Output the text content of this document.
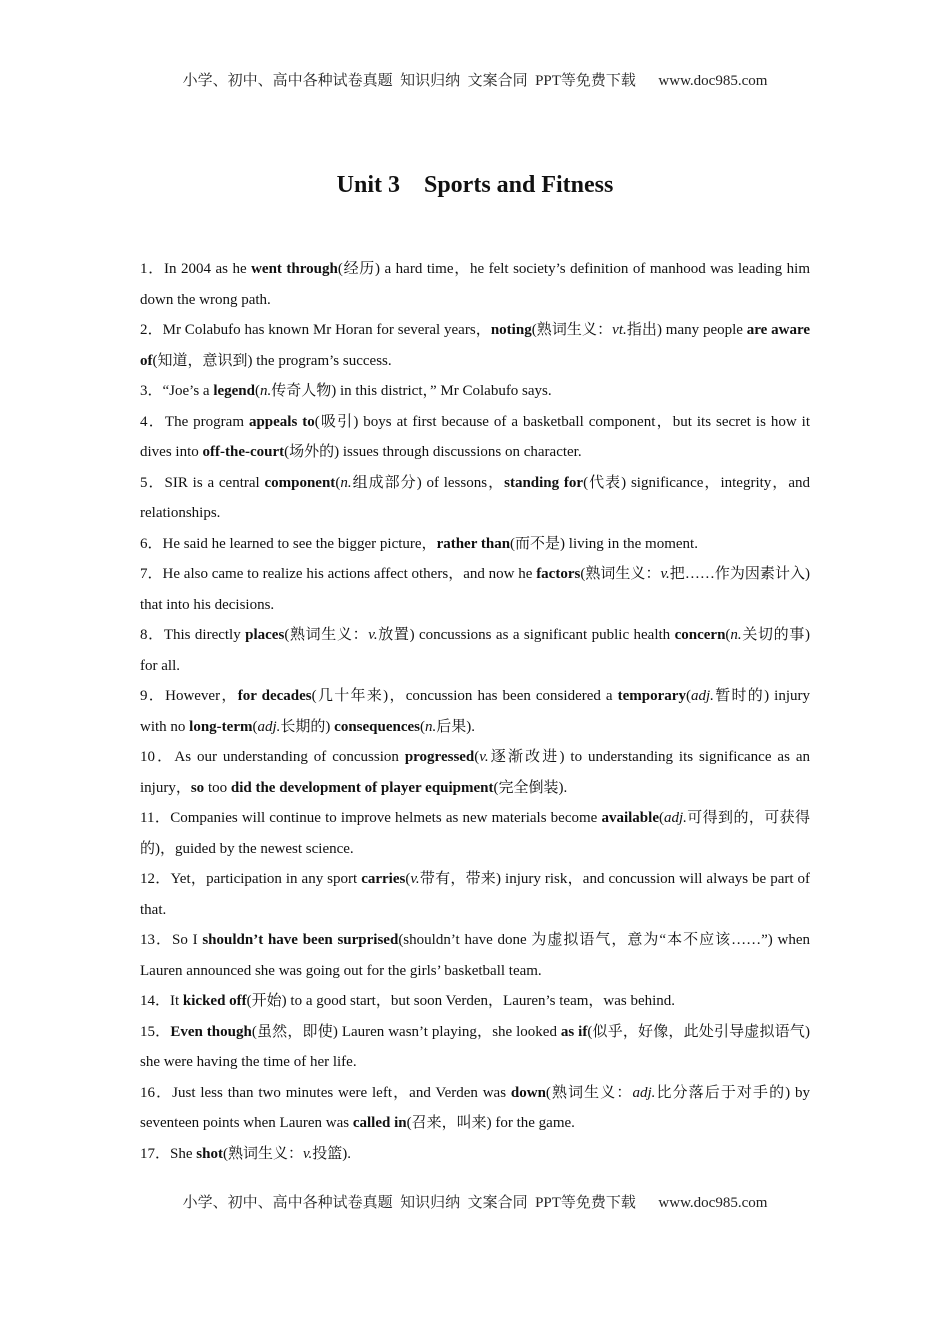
小学、初中、高中各种试卷真题  知识归纳  文案合同  PPT等免费下载      www.doc985.com
Unit 3    Sports and Fitness

1．In 2004 as he went through(经历) a hard time，he felt society’s definition of manhood was leading him down the wrong path.

2．Mr Colabufo has known Mr Horan for several years，noting(熟词生义：vt.指出) many people are aware of(知道，意识到) the program’s success.

3．“Joe’s a legend(n.传奇人物) in this district，” Mr Colabufo says.

4．The program appeals to(吸引) boys at first because of a basketball component，but its secret is how it dives into off-the-court(场外的) issues through discussions on character.

5．SIR is a central component(n.组成部分) of lessons，standing for(代表) significance，integrity，and relationships.

6．He said he learned to see the bigger picture，rather than(而不是) living in the moment.

7．He also came to realize his actions affect others，and now he factors(熟词生义：v.把……作为因素计入) that into his decisions.

8．This directly places(熟词生义：v.放置) concussions as a significant public health concern(n.关切的事) for all.

9．However，for decades(几十年来)，concussion has been considered a temporary(adj.暂时的) injury with no long-term(adj.长期的) consequences(n.后果).

10．As our understanding of concussion progressed(v.逐渐改进) to understanding its significance as an injury，so too did the development of player equipment(完全倒装).

11．Companies will continue to improve helmets as new materials become available(adj.可得到的，可获得的)，guided by the newest science.

12．Yet，participation in any sport carries(v.带有，带来) injury risk，and concussion will always be part of that.

13．So I shouldn’t have been surprised(shouldn’t have done 为虚拟语气，意为“本不应该……”) when Lauren announced she was going out for the girls’ basketball team.

14．It kicked off(开始) to a good start，but soon Verden，Lauren’s team，was behind.

15．Even though(虽然，即使) Lauren wasn’t playing，she looked as if(似乎，好像，此处引导虚拟语气) she were having the time of her life.

16．Just less than two minutes were left，and Verden was down(熟词生义：adj.比分落后于对手的) by seventeen points when Lauren was called in(召来，叫来) for the game.

17．She shot(熟词生义：v.投篮).

小学、初中、高中各种试卷真题  知识归纳  文案合同  PPT等免费下载      www.doc985.com
